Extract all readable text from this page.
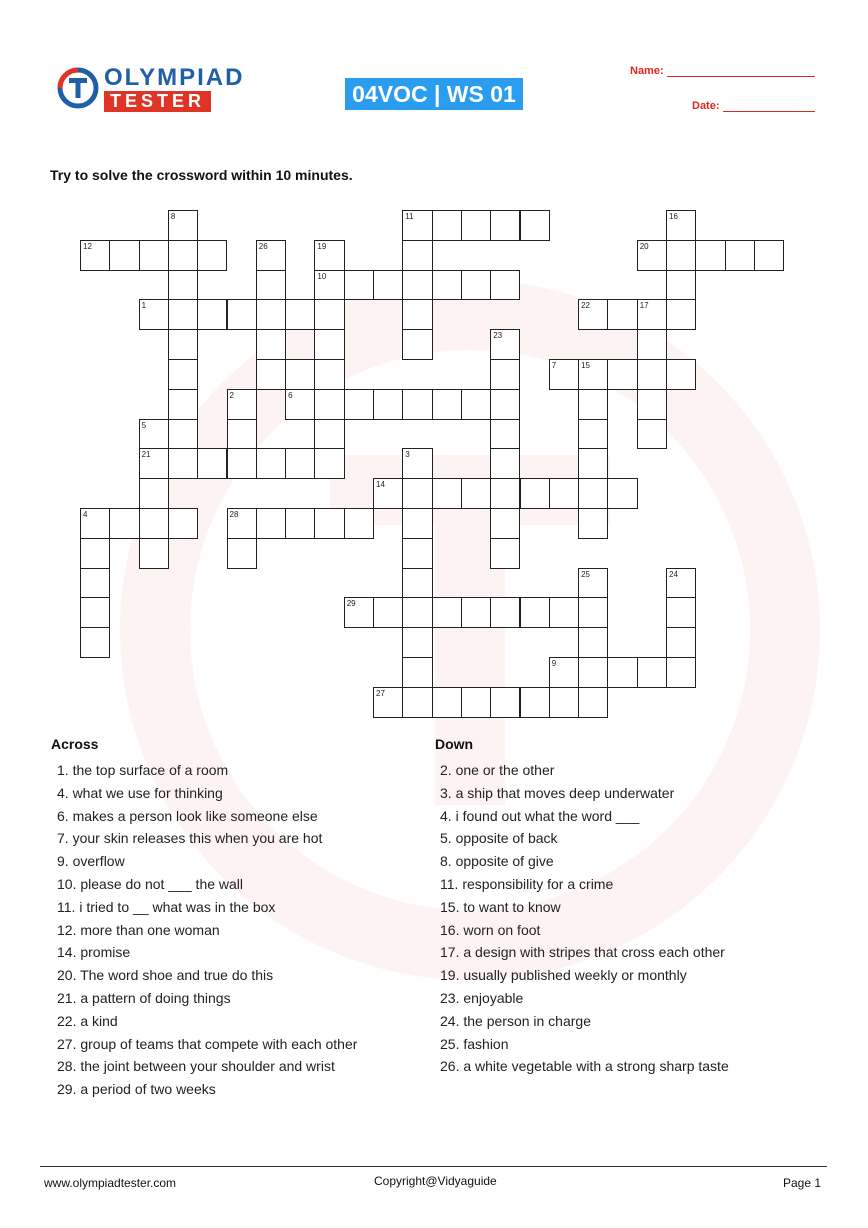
OLYMPIAD
TESTER	04VOC | WS 01
Name:
Date:
Try to solve the crossword within 10 minutes.
8	11	16
12	26	19	20
10
1	22	17
23
7	15
2	6
5
21	3
14
4	28
25	24
29
9
27
Across	Down
1. the top surface of a room
4. what we use for thinking
6. makes a person look like someone else
7. your skin releases this when you are hot
9. overflow
10. please do not ___ the wall
11. i tried to __ what was in the box
12. more than one woman
14. promise
20. The word shoe and true do this
21. a pattern of doing things
22. a kind
27. group of teams that compete with each other
28. the joint between your shoulder and wrist
29. a period of two weeks
2. one or the other
3. a ship that moves deep underwater
4. i found out what the word ___
5. opposite of back
8. opposite of give
11. responsibility for a crime
15. to want to know
16. worn on foot
17. a design with stripes that cross each other
19. usually published weekly or monthly
23. enjoyable
24. the person in charge
25. fashion
26. a white vegetable with a strong sharp taste
www.olympiadtester.com	Copyright@Vidyaguide	Page 1
